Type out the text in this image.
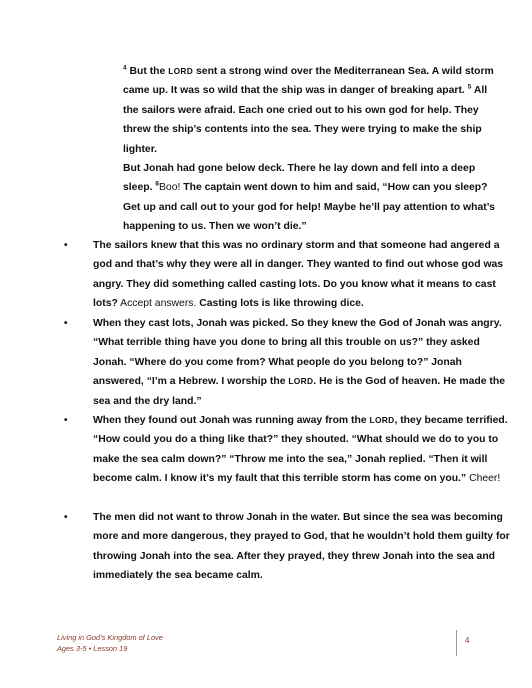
$^4$ But the LORD sent a strong wind over the Mediterranean Sea. A wild storm came up. It was so wild that the ship was in danger of breaking apart. $^5$ All the sailors were afraid. Each one cried out to his own god for help. They threw the ship’s contents into the sea. They were trying to make the ship lighter.

But Jonah had gone below deck. There he lay down and fell into a deep sleep. $^6$Boo! The captain went down to him and said, “How can you sleep? Get up and call out to your god for help! Maybe he’ll pay attention to what’s happening to us. Then we won’t die.”

• The sailors knew that this was no ordinary storm and that someone had angered a god and that’s why they were all in danger. They wanted to find out whose god was angry. They did something called casting lots. Do you know what it means to cast lots? Accept answers. Casting lots is like throwing dice.
• When they cast lots, Jonah was picked. So they knew the God of Jonah was angry. “What terrible thing have you done to bring all this trouble on us?” they asked Jonah. “Where do you come from? What people do you belong to?” Jonah answered, “I’m a Hebrew. I worship the LORD. He is the God of heaven. He made the sea and the dry land.”
• When they found out Jonah was running away from the LORD, they became terrified. “How could you do a thing like that?” they shouted. “What should we do to you to make the sea calm down?” “Throw me into the sea,” Jonah replied. “Then it will become calm. I know it’s my fault that this terrible storm has come on you.” Cheer!
• The men did not want to throw Jonah in the water. But since the sea was becoming more and more dangerous, they prayed to God, that he wouldn’t hold them guilty for throwing Jonah into the sea. After they prayed, they threw Jonah into the sea and immediately the sea became calm.
Living in God’s Kingdom of Love
Ages 3-5 • Lesson 19
4
